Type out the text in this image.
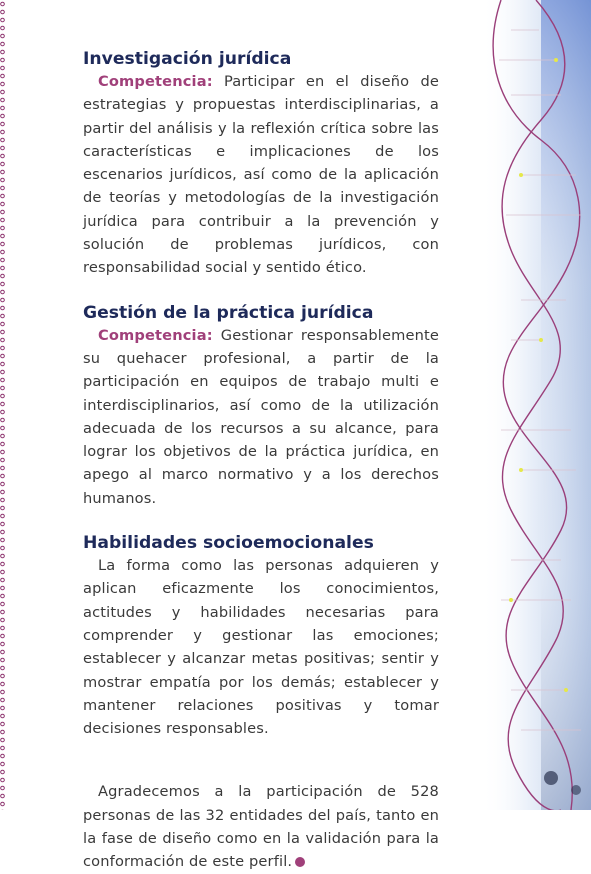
Investigación jurídica

Competencia: Participar en el diseño de estrategias y propuestas interdisciplinarias, a partir del análisis y la reflexión crítica sobre las características e implicaciones de los escenarios jurídicos, así como de la aplicación de teorías y metodologías de la investigación jurídica para contribuir a la prevención y solución de problemas jurídicos, con responsabilidad social y sentido ético.

Gestión de la práctica jurídica

Competencia: Gestionar responsablemente su quehacer profesional, a partir de la participación en equipos de trabajo multi e interdisciplinarios, así como de la utilización adecuada de los recursos a su alcance, para lograr los objetivos de la práctica jurídica, en apego al marco normativo y a los derechos humanos.

Habilidades socioemocionales

La forma como las personas adquieren y aplican eficazmente los conocimientos, actitudes y habilidades necesarias para comprender y gestionar las emociones; establecer y alcanzar metas positivas; sentir y mostrar empatía por los demás; establecer y mantener relaciones positivas y tomar decisiones responsables.

Agradecemos a la participación de 528 personas de las 32 entidades del país, tanto en la fase de diseño como en la validación para la conformación de este perfil.
